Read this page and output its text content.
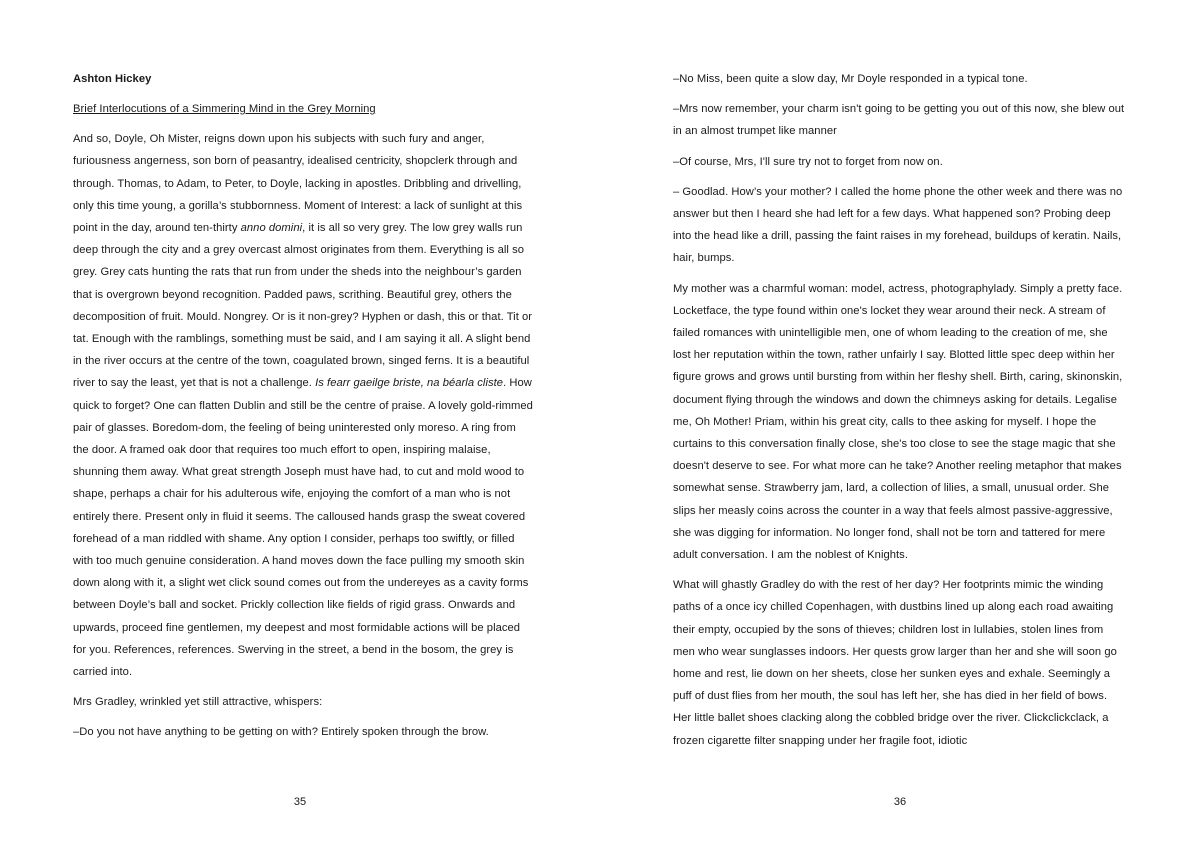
Ashton Hickey
Brief Interlocutions of a Simmering Mind in the Grey Morning

And so, Doyle, Oh Mister, reigns down upon his subjects with such fury and anger, furiousness angerness, son born of peasantry, idealised centricity, shopclerk through and through. Thomas, to Adam, to Peter, to Doyle, lacking in apostles. Dribbling and drivelling, only this time young, a gorilla’s stubbornness. Moment of Interest: a lack of sunlight at this point in the day, around ten-thirty anno domini, it is all so very grey. The low grey walls run deep through the city and a grey overcast almost originates from them. Everything is all so grey. Grey cats hunting the rats that run from under the sheds into the neighbour’s garden that is overgrown beyond recognition. Padded paws, scrithing. Beautiful grey, others the decomposition of fruit. Mould. Nongrey. Or is it non-grey? Hyphen or dash, this or that. Tit or tat. Enough with the ramblings, something must be said, and I am saying it all. A slight bend in the river occurs at the centre of the town, coagulated brown, singed ferns. It is a beautiful river to say the least, yet that is not a challenge. Is fearr gaeilge briste, na béarla cliste. How quick to forget? One can flatten Dublin and still be the centre of praise. A lovely gold-rimmed pair of glasses. Boredom-dom, the feeling of being uninterested only moreso. A ring from the door. A framed oak door that requires too much effort to open, inspiring malaise, shunning them away. What great strength Joseph must have had, to cut and mold wood to shape, perhaps a chair for his adulterous wife, enjoying the comfort of a man who is not entirely there. Present only in fluid it seems. The calloused hands grasp the sweat covered forehead of a man riddled with shame. Any option I consider, perhaps too swiftly, or filled with too much genuine consideration. A hand moves down the face pulling my smooth skin down along with it, a slight wet click sound comes out from the undereyes as a cavity forms between Doyle’s ball and socket. Prickly collection like fields of rigid grass. Onwards and upwards, proceed fine gentlemen, my deepest and most formidable actions will be placed for you. References, references. Swerving in the street, a bend in the bosom, the grey is carried into.

Mrs Gradley, wrinkled yet still attractive, whispers:

–Do you not have anything to be getting on with? Entirely spoken through the brow.

35

–No Miss, been quite a slow day, Mr Doyle responded in a typical tone.

–Mrs now remember, your charm isn't going to be getting you out of this now, she blew out in an almost trumpet like manner

–Of course, Mrs, I'll sure try not to forget from now on.

– Goodlad. How’s your mother? I called the home phone the other week and there was no answer but then I heard she had left for a few days. What happened son? Probing deep into the head like a drill, passing the faint raises in my forehead, buildups of keratin. Nails, hair, bumps.

My mother was a charmful woman: model, actress, photographylady. Simply a pretty face. Locketface, the type found within one's locket they wear around their neck. A stream of failed romances with unintelligible men, one of whom leading to the creation of me, she lost her reputation within the town, rather unfairly I say. Blotted little spec deep within her figure grows and grows until bursting from within her fleshy shell. Birth, caring, skinonskin, document flying through the windows and down the chimneys asking for details. Legalise me, Oh Mother! Priam, within his great city, calls to thee asking for myself. I hope the curtains to this conversation finally close, she's too close to see the stage magic that she doesn't deserve to see. For what more can he take? Another reeling metaphor that makes somewhat sense. Strawberry jam, lard, a collection of lilies, a small, unusual order. She slips her measly coins across the counter in a way that feels almost passive-aggressive, she was digging for information. No longer fond, shall not be torn and tattered for mere adult conversation. I am the noblest of Knights.

What will ghastly Gradley do with the rest of her day? Her footprints mimic the winding paths of a once icy chilled Copenhagen, with dustbins lined up along each road awaiting their empty, occupied by the sons of thieves; children lost in lullabies, stolen lines from men who wear sunglasses indoors. Her quests grow larger than her and she will soon go home and rest, lie down on her sheets, close her sunken eyes and exhale. Seemingly a puff of dust flies from her mouth, the soul has left her, she has died in her field of bows. Her little ballet shoes clacking along the cobbled bridge over the river. Clickclickclack, a frozen cigarette filter snapping under her fragile foot, idiotic

36
